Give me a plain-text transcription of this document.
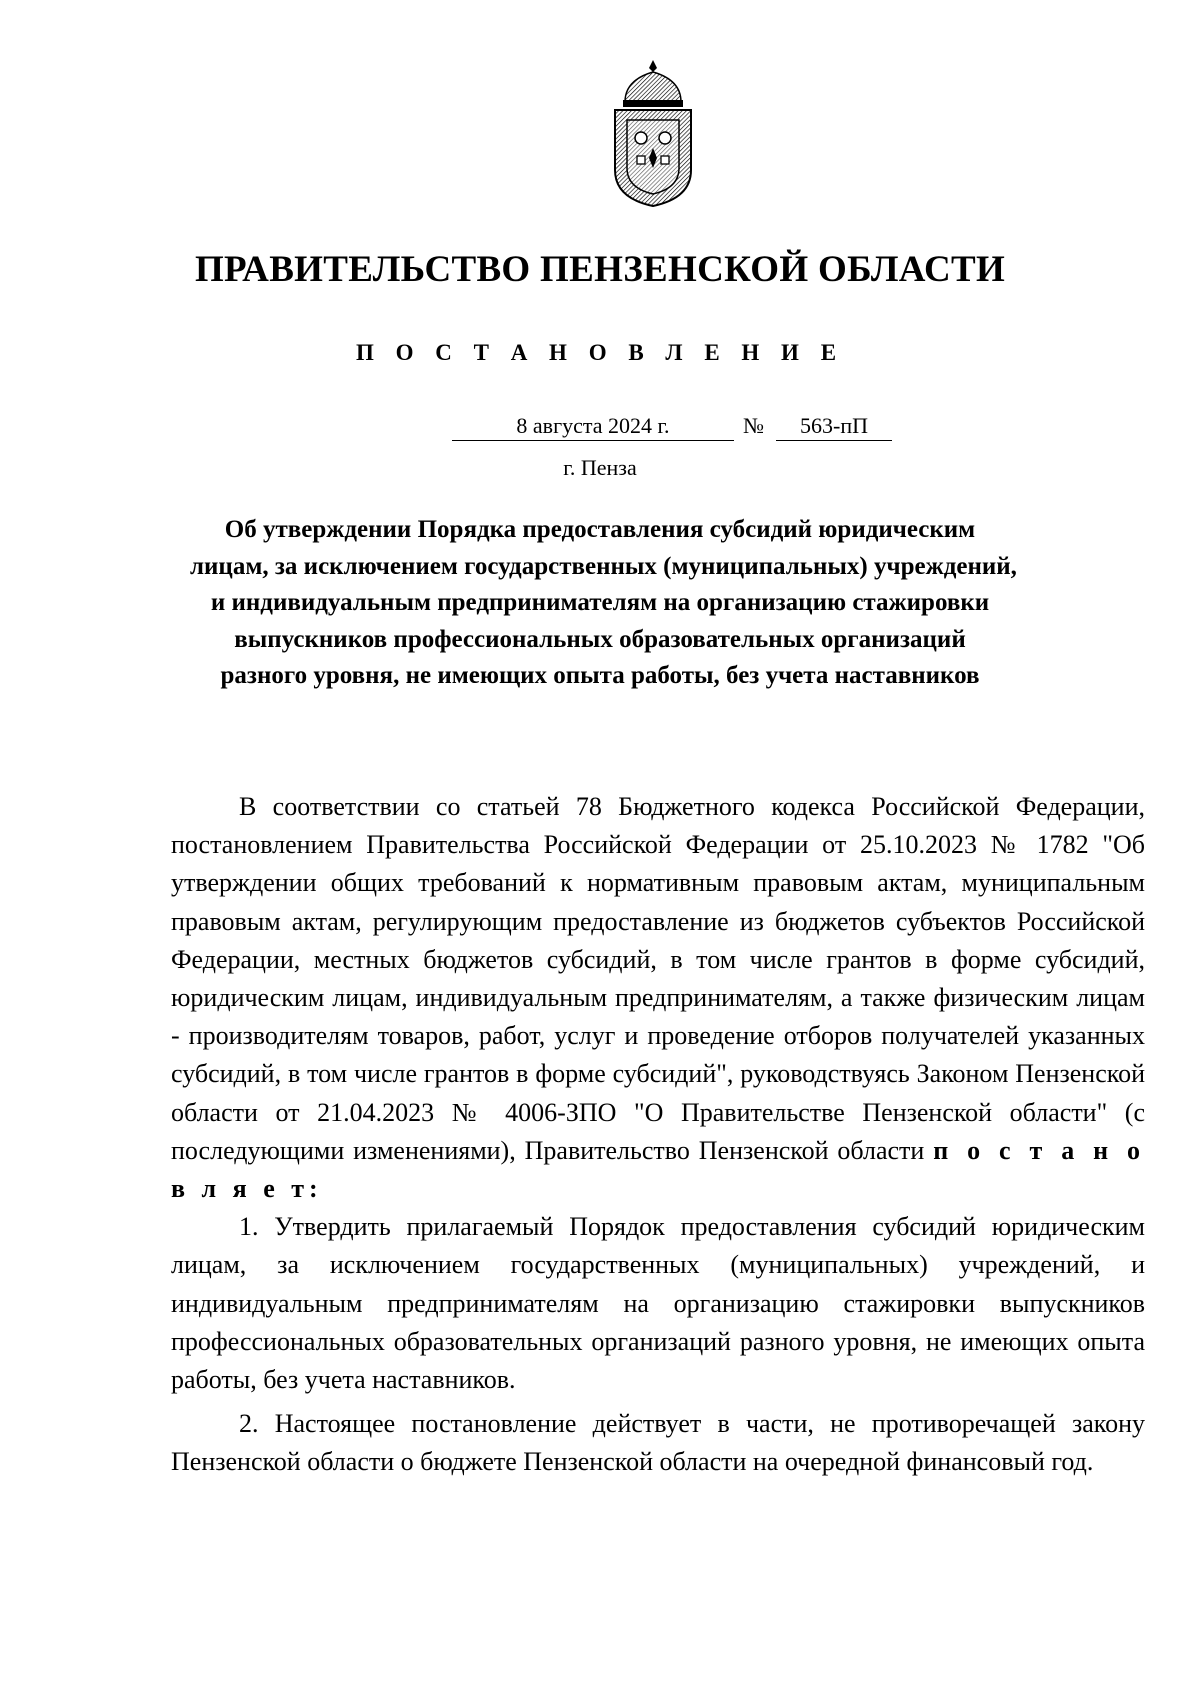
ПРАВИТЕЛЬСТВО ПЕНЗЕНСКОЙ ОБЛАСТИ
П О С Т А Н О В Л Е Н И Е
8 августа 2024 г.	№	563-пП
г. Пенза
Об утверждении Порядка предоставления субсидий юридическим
лицам, за исключением государственных (муниципальных) учреждений,
и индивидуальным предпринимателям на организацию стажировки
выпускников профессиональных образовательных организаций
разного уровня, не имеющих опыта работы, без учета наставников

В соответствии со статьей 78 Бюджетного кодекса Российской Федерации, постановлением Правительства Российской Федерации от 25.10.2023 № 1782 "Об утверждении общих требований к нормативным правовым актам, муниципальным правовым актам, регулирующим предоставление из бюджетов субъектов Российской Федерации, местных бюджетов субсидий, в том числе грантов в форме субсидий, юридическим лицам, индивидуальным предпринимателям, а также физическим лицам - производителям товаров, работ, услуг и проведение отборов получателей указанных субсидий, в том числе грантов в форме субсидий", руководствуясь Законом Пензенской области от 21.04.2023 № 4006-ЗПО "О Правительстве Пензенской области" (с последующими изменениями), Правительство Пензенской области п о с т а н о в л я е т:

1. Утвердить прилагаемый Порядок предоставления субсидий юридическим лицам, за исключением государственных (муниципальных) учреждений, и индивидуальным предпринимателям на организацию стажировки выпускников профессиональных образовательных организаций разного уровня, не имеющих опыта работы, без учета наставников.

2. Настоящее постановление действует в части, не противоречащей закону Пензенской области о бюджете Пензенской области на очередной финансовый год.
